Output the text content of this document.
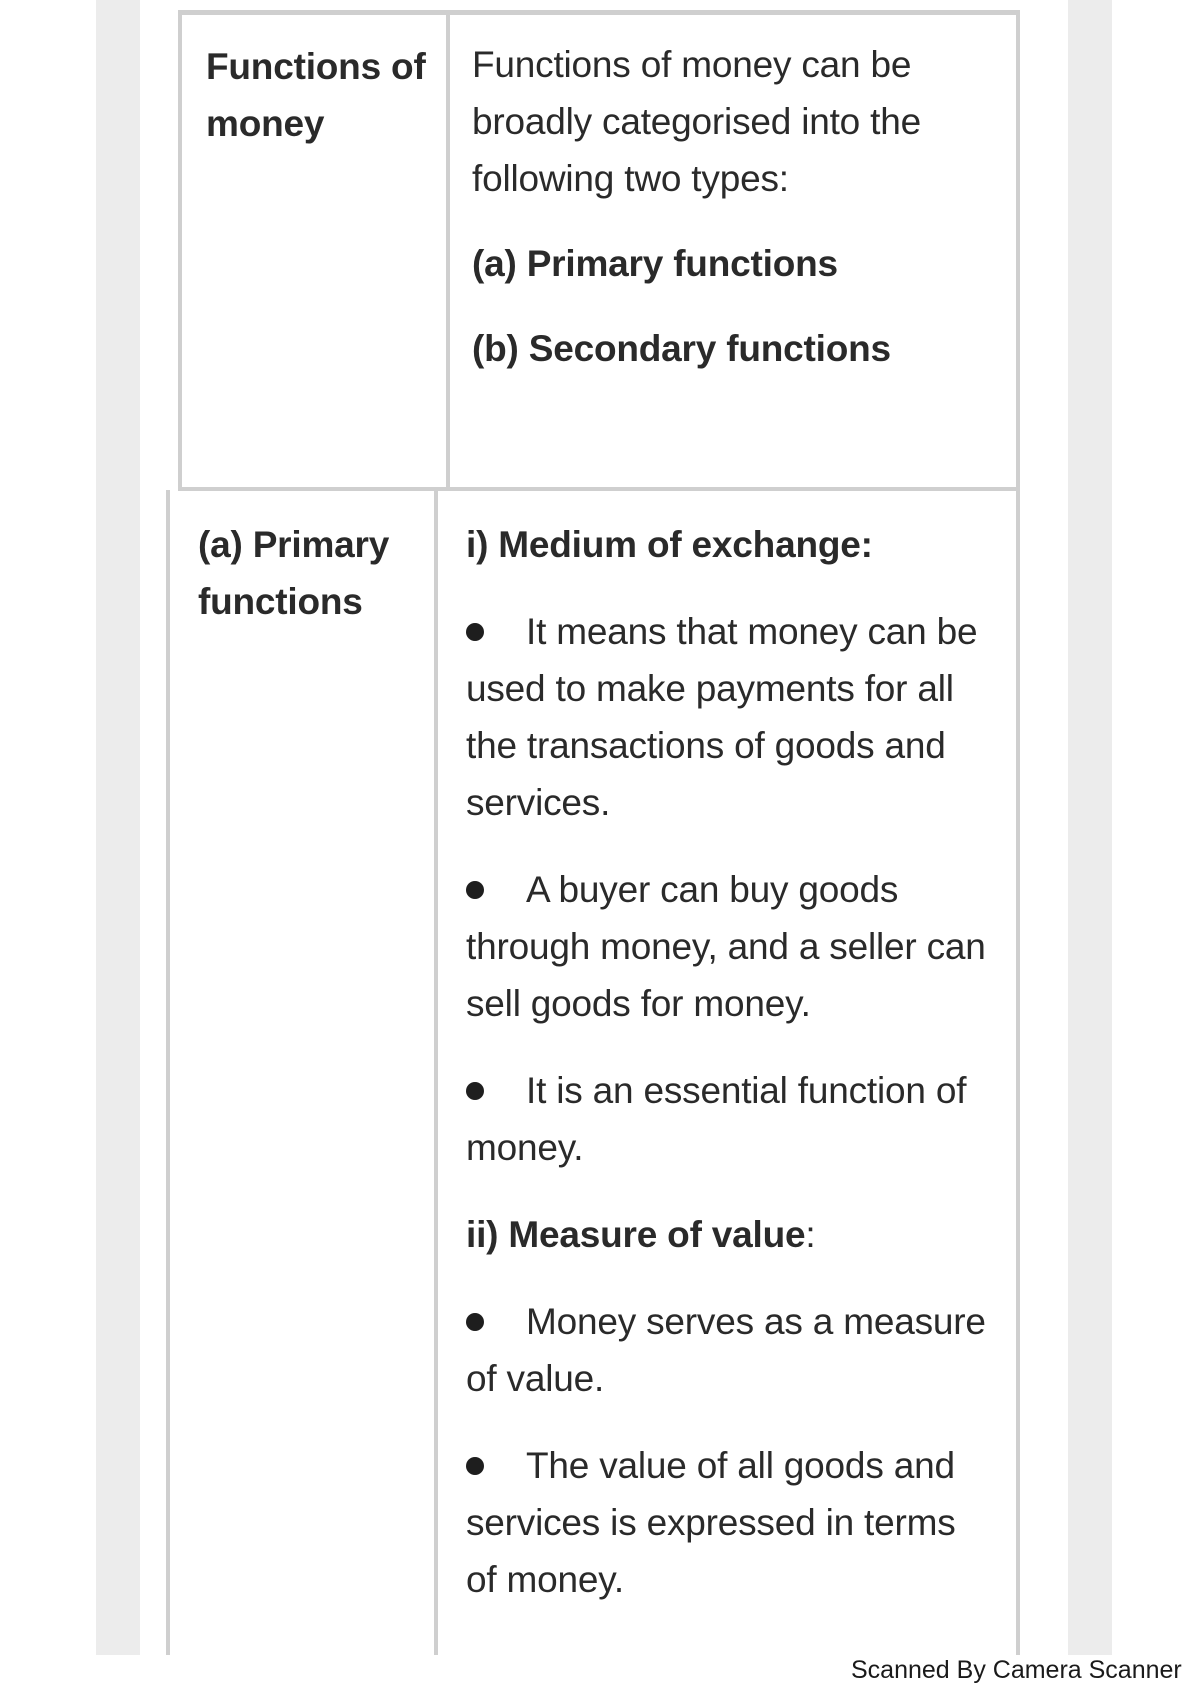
Functions of money

Functions of money can be broadly categorised into the following two types:

(a) Primary functions

(b) Secondary functions

(a) Primary functions

i) Medium of exchange:

It means that money can be used to make payments for all the transactions of goods and services.

A buyer can buy goods through money, and a seller can sell goods for money.

It is an essential function of money.

ii) Measure of value:

Money serves as a measure of value.

The value of all goods and services is expressed in terms of money.

Scanned By Camera Scanner
